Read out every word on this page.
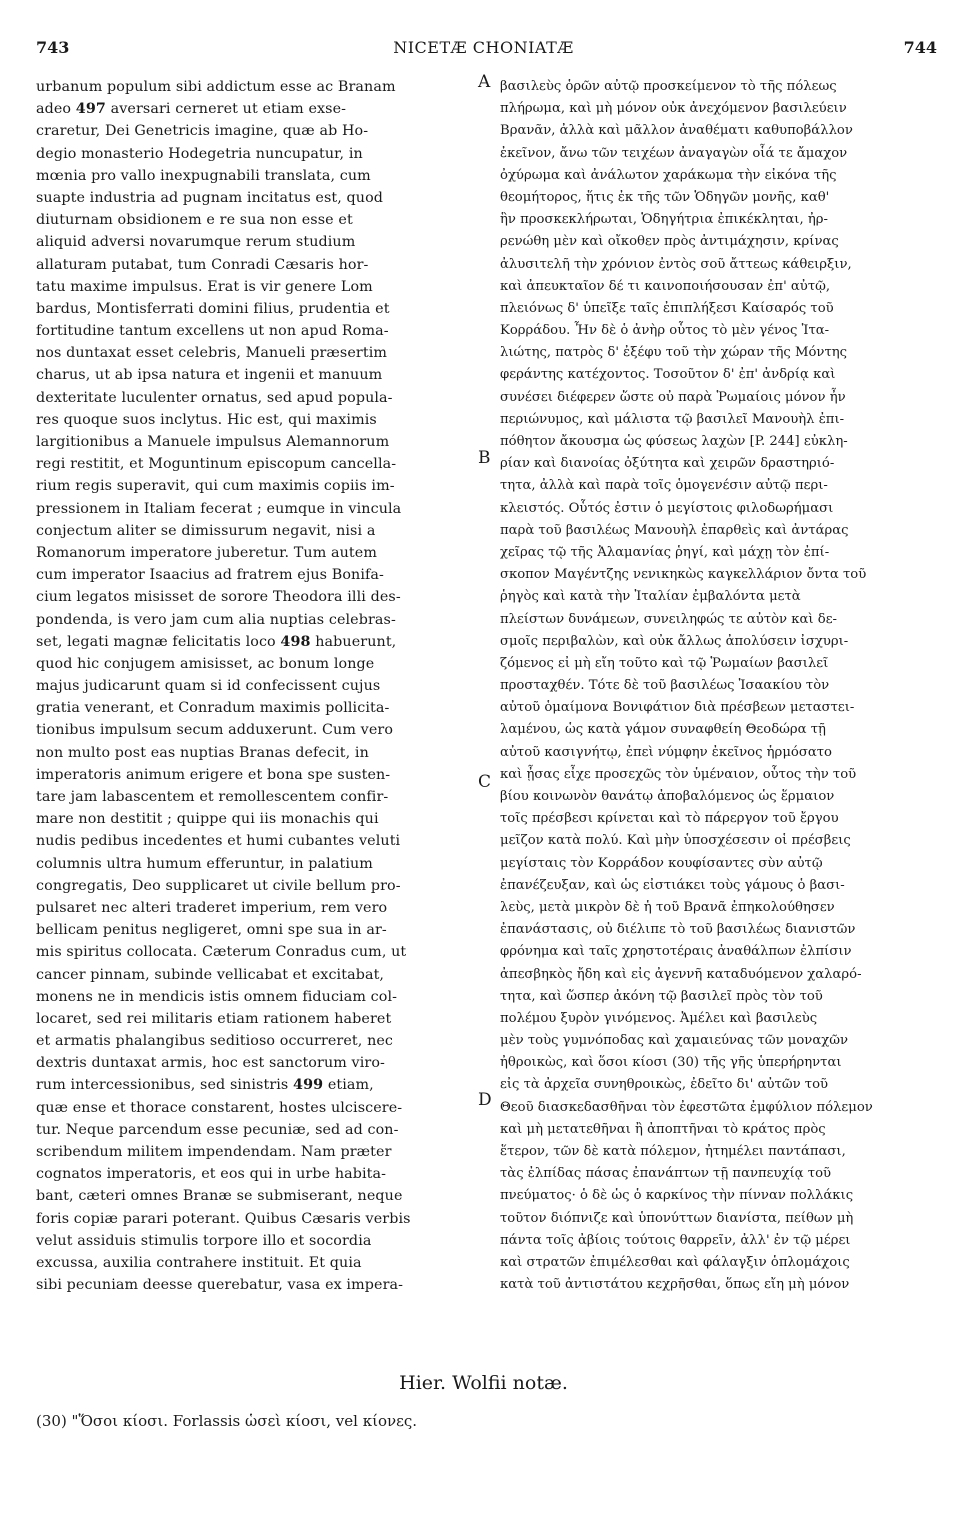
743	NICETÆ CHONIATÆ	744
urbanum populum sibi addictum esse ac Branam
adeo 497 aversari cerneret ut etiam exse-
craretur, Dei Genetricis imagine, quæ ab Ho-
degio monasterio Hodegetria nuncupatur, in
mœnia pro vallo inexpugnabili translata, cum
suapte industria ad pugnam incitatus est, quod
diuturnam obsidionem e re sua non esse et
aliquid adversi novarumque rerum studium
allaturam putabat, tum Conradi Cæsaris hor-
tatu maxime impulsus. Erat is vir genere Lom
bardus, Montisferrati domini filius, prudentia et
fortitudine tantum excellens ut non apud Roma-
nos duntaxat esset celebris, Manueli præsertim
charus, ut ab ipsa natura et ingenii et manuum
dexteritate luculenter ornatus, sed apud popula-
res quoque suos inclytus. Hic est, qui maximis
largitionibus a Manuele impulsus Alemannorum
regi restitit, et Moguntinum episcopum cancella-
rium regis superavit, qui cum maximis copiis im-
pressionem in Italiam fecerat ; eumque in vincula
conjectum aliter se dimissurum negavit, nisi a
Romanorum imperatore juberetur. Tum autem
cum imperator Isaacius ad fratrem ejus Bonifa-
cium legatos misisset de sorore Theodora illi des-
pondenda, is vero jam cum alia nuptias celebras-
set, legati magnæ felicitatis loco 498 habuerunt,
quod hic conjugem amisisset, ac bonum longe
majus judicarunt quam si id confecissent cujus
gratia venerant, et Conradum maximis pollicita-
tionibus impulsum secum adduxerunt. Cum vero
non multo post eas nuptias Branas defecit, in
imperatoris animum erigere et bona spe susten-
tare jam labascentem et remollescentem confir-
mare non destitit ; quippe qui iis monachis qui
nudis pedibus incedentes et humi cubantes veluti
columnis ultra humum efferuntur, in palatium
congregatis, Deo supplicaret ut civile bellum pro-
pulsaret nec alteri traderet imperium, rem vero
bellicam penitus negligeret, omni spe sua in ar-
mis spiritus collocata. Cæterum Conradus cum, ut
cancer pinnam, subinde vellicabat et excitabat,
monens ne in mendicis istis omnem fiduciam col-
locaret, sed rei militaris etiam rationem haberet
et armatis phalangibus seditioso occurreret, nec
dextris duntaxat armis, hoc est sanctorum viro-
rum intercessionibus, sed sinistris 499 etiam,
quæ ense et thorace constarent, hostes ulciscere-
tur. Neque parcendum esse pecuniæ, sed ad con-
scribendum militem impendendam. Nam præter
cognatos imperatoris, et eos qui in urbe habita-
bant, cæteri omnes Branæ se submiserant, neque
foris copiæ parari poterant. Quibus Cæsaris verbis
velut assiduis stimulis torpore illo et socordia
excussa, auxilia contrahere instituit. Et quia
sibi pecuniam deesse querebatur, vasa ex impera-
βασιλεὺς ὁρῶν αὐτῷ προσκείμενον τὸ τῆς πόλεως
πλήρωμα, καὶ μὴ μόνον οὐκ ἀνεχόμενον βασιλεύειν
Βρανᾶν, ἀλλὰ καὶ μᾶλλον ἀναθέματι καθυποβάλλον
ἐκεῖνον, ἄνω τῶν τειχέων ἀναγαγὼν οἷά τε ἄμαχον
ὀχύρωμα καὶ ἀνάλωτον χαράκωμα τὴν εἰκόνα τῆς
θεομήτορος, ἥτις ἐκ τῆς τῶν Ὁδηγῶν μονῆς, καθ'
ἣν προσκεκλήρωται, Ὁδηγήτρια ἐπικέκληται, ἠρ-
ρενώθη μὲν καὶ οἴκοθεν πρὸς ἀντιμάχησιν, κρίνας
ἀλυσιτελῆ τὴν χρόνιον ἐντὸς σοῦ ἄττεως κάθειρξιν,
καὶ ἀπευκταῖον δέ τι καινοποιήσουσαν ἐπ' αὐτῷ,
πλειόνως δ' ὑπεῖξε ταῖς ἐπιπλήξεσι Καίσαρός τοῦ
Κορράδου. Ἦν δὲ ὁ ἀνὴρ οὗτος τὸ μὲν γένος Ἰτα-
λιώτης, πατρὸς δ' ἐξέφυ τοῦ τὴν χώραν τῆς Μόντης
φεράντης κατέχοντος. Τοσοῦτον δ' ἐπ' ἀνδρίᾳ καὶ
συνέσει διέφερεν ὥστε οὐ παρὰ Ῥωμαίοις μόνον ἦν
περιώνυμος, καὶ μάλιστα τῷ βασιλεῖ Μανουὴλ ἐπι-
πόθητον ἄκουσμα ὡς φύσεως λαχὼν [P. 244] εὐκλη-
ρίαν καὶ διανοίας ὀξύτητα καὶ χειρῶν δραστηριό-
τητα, ἀλλὰ καὶ παρὰ τοῖς ὁμογενέσιν αὐτῷ περι-
κλειστός. Οὗτός ἐστιν ὁ μεγίστοις φιλοδωρήμασι
παρὰ τοῦ βασιλέως Μανουὴλ ἐπαρθεὶς καὶ ἀντάρας
χεῖρας τῷ τῆς Ἀλαμανίας ῥηγί, καὶ μάχῃ τὸν ἐπί-
σκοπον Μαγέντζης νενικηκὼς καγκελλάριον ὄντα τοῦ
ῥηγὸς καὶ κατὰ τὴν Ἰταλίαν ἐμβαλόντα μετὰ
πλείστων δυνάμεων, συνειληφώς τε αὐτὸν καὶ δε-
σμοῖς περιβαλὼν, καὶ οὐκ ἄλλως ἀπολύσειν ἰσχυρι-
ζόμενος εἰ μὴ εἴη τοῦτο καὶ τῷ Ῥωμαίων βασιλεῖ
προσταχθέν. Τότε δὲ τοῦ βασιλέως Ἰσαακίου τὸν
αὐτοῦ ὁμαίμονα Βονιφάτιον διὰ πρέσβεων μεταστει-
λαμένου, ὡς κατὰ γάμον συναφθείη Θεοδώρα τῇ
αὐτοῦ κασιγνήτῳ, ἐπεὶ νύμφην ἐκεῖνος ἡρμόσατο
καὶ ᾖσας εἶχε προσεχῶς τὸν ὑμέναιον, οὗτος τὴν τοῦ
βίου κοινωνὸν θανάτῳ ἀποβαλόμενος ὡς ἕρμαιον
τοῖς πρέσβεσι κρίνεται καὶ τὸ πάρεργον τοῦ ἔργου
μεῖζον κατὰ πολύ. Καὶ μὴν ὑποσχέσεσιν οἱ πρέσβεις
μεγίσταις τὸν Κορράδον κουφίσαντες σὺν αὐτῷ
ἐπανέζευξαν, καὶ ὡς εἰστιάκει τοὺς γάμους ὁ βασι-
λεὺς, μετὰ μικρὸν δὲ ἡ τοῦ Βρανᾶ ἐπηκολούθησεν
ἐπανάστασις, οὐ διέλιπε τὸ τοῦ βασιλέως διανιστῶν
φρόνημα καὶ ταῖς χρηστοτέραις ἀναθάλπων ἐλπίσιν
ἀπεσβηκὸς ἤδη καὶ εἰς ἀγεννῆ καταδυόμενον χαλαρό-
τητα, καὶ ὥσπερ ἀκόνη τῷ βασιλεῖ πρὸς τὸν τοῦ
πολέμου ξυρὸν γινόμενος. Ἀμέλει καὶ βασιλεὺς
μὲν τοὺς γυμνόποδας καὶ χαμαιεύνας τῶν μοναχῶν
ἠθροικὼς, καὶ ὅσοι κίοσι (30) τῆς γῆς ὑπερήρηνται
εἰς τὰ ἀρχεῖα συνηθροικὼς, ἐδεῖτο δι' αὐτῶν τοῦ
Θεοῦ διασκεδασθῆναι τὸν ἐφεστῶτα ἐμφύλιον πόλεμον
καὶ μὴ μετατεθῆναι ἢ ἀποπτῆναι τὸ κράτος πρὸς
ἕτερον, τῶν δὲ κατὰ πόλεμον, ἠτημέλει παντάπασι,
τὰς ἐλπίδας πάσας ἐπανάπτων τῇ πανπευχίᾳ τοῦ
πνεύματος· ὁ δὲ ὡς ὁ καρκίνος τὴν πίνναν πολλάκις
τοῦτον διόπνιζε καὶ ὑπονύττων διανίστα, πείθων μὴ
πάντα τοῖς ἀβίοις τούτοις θαρρεῖν, ἀλλ' ἐν τῷ μέρει
καὶ στρατῶν ἐπιμέλεσθαι καὶ φάλαγξιν ὁπλομάχοις
κατὰ τοῦ ἀντιστάτου κεχρῆσθαι, ὅπως εἴη μὴ μόνον
A
B
C
D
Hier. Wolfii notæ.
(30) "Ὅσοι κίοσι. Forlassis ὡσεὶ κίοσι, vel κίονες.
